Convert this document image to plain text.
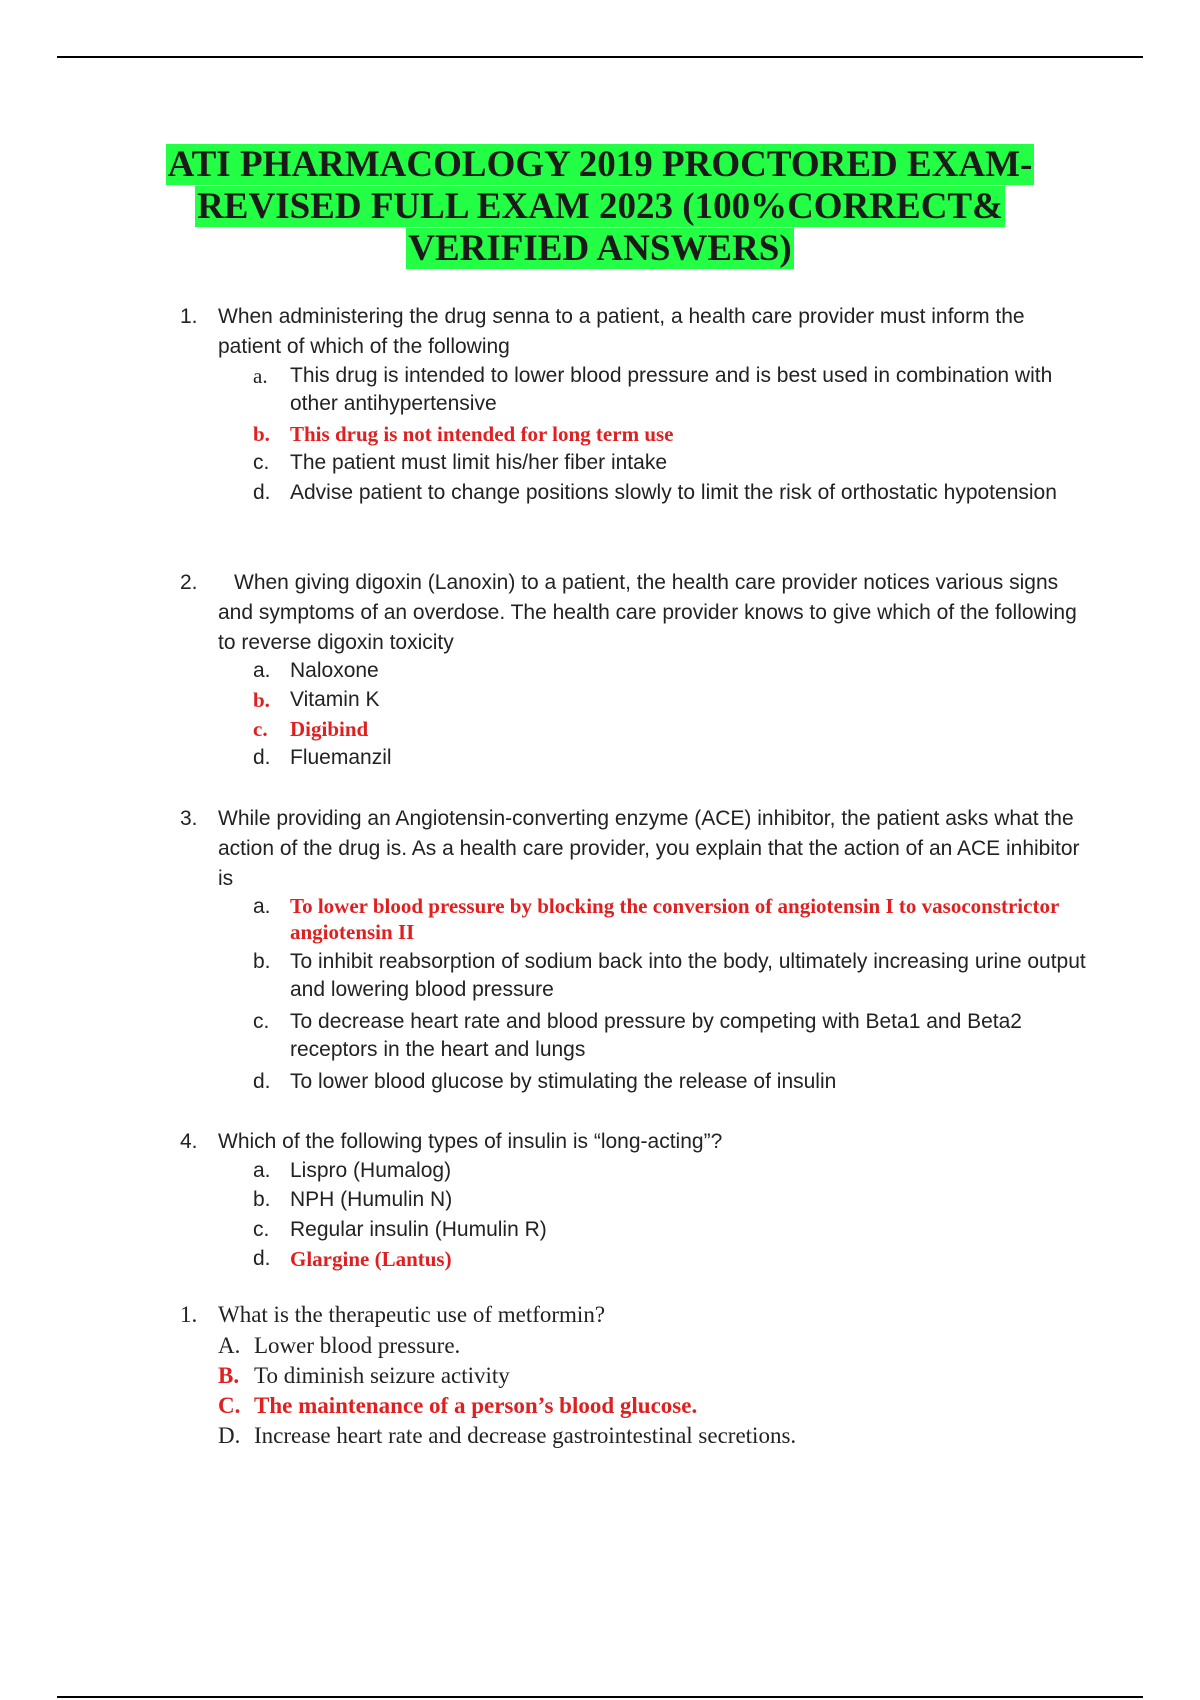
ATI PHARMACOLOGY 2019 PROCTORED EXAM-
REVISED FULL EXAM 2023 (100%CORRECT&
VERIFIED ANSWERS)
1. When administering the drug senna to a patient, a health care provider must inform the patient of which of the following
a. This drug is intended to lower blood pressure and is best used in combination with other antihypertensive
b. This drug is not intended for long term use
c. The patient must limit his/her fiber intake
d. Advise patient to change positions slowly to limit the risk of orthostatic hypotension
2.	When giving digoxin (Lanoxin) to a patient, the health care provider notices various signs and symptoms of an overdose. The health care provider knows to give which of the following to reverse digoxin toxicity
a. Naloxone
b. Vitamin K
c. Digibind
d. Fluemanzil
3. While providing an Angiotensin-converting enzyme (ACE) inhibitor, the patient asks what the action of the drug is. As a health care provider, you explain that the action of an ACE inhibitor is
a. To lower blood pressure by blocking the conversion of angiotensin I to vasoconstrictor angiotensin II
b. To inhibit reabsorption of sodium back into the body, ultimately increasing urine output and lowering blood pressure
c. To decrease heart rate and blood pressure by competing with Beta1 and Beta2 receptors in the heart and lungs
d. To lower blood glucose by stimulating the release of insulin
4. Which of the following types of insulin is “long-acting”?
a. Lispro (Humalog)
b. NPH (Humulin N)
c. Regular insulin (Humulin R)
d. Glargine (Lantus)
1. What is the therapeutic use of metformin?
A. Lower blood pressure.
B. To diminish seizure activity
C. The maintenance of a person’s blood glucose.
D. Increase heart rate and decrease gastrointestinal secretions.
